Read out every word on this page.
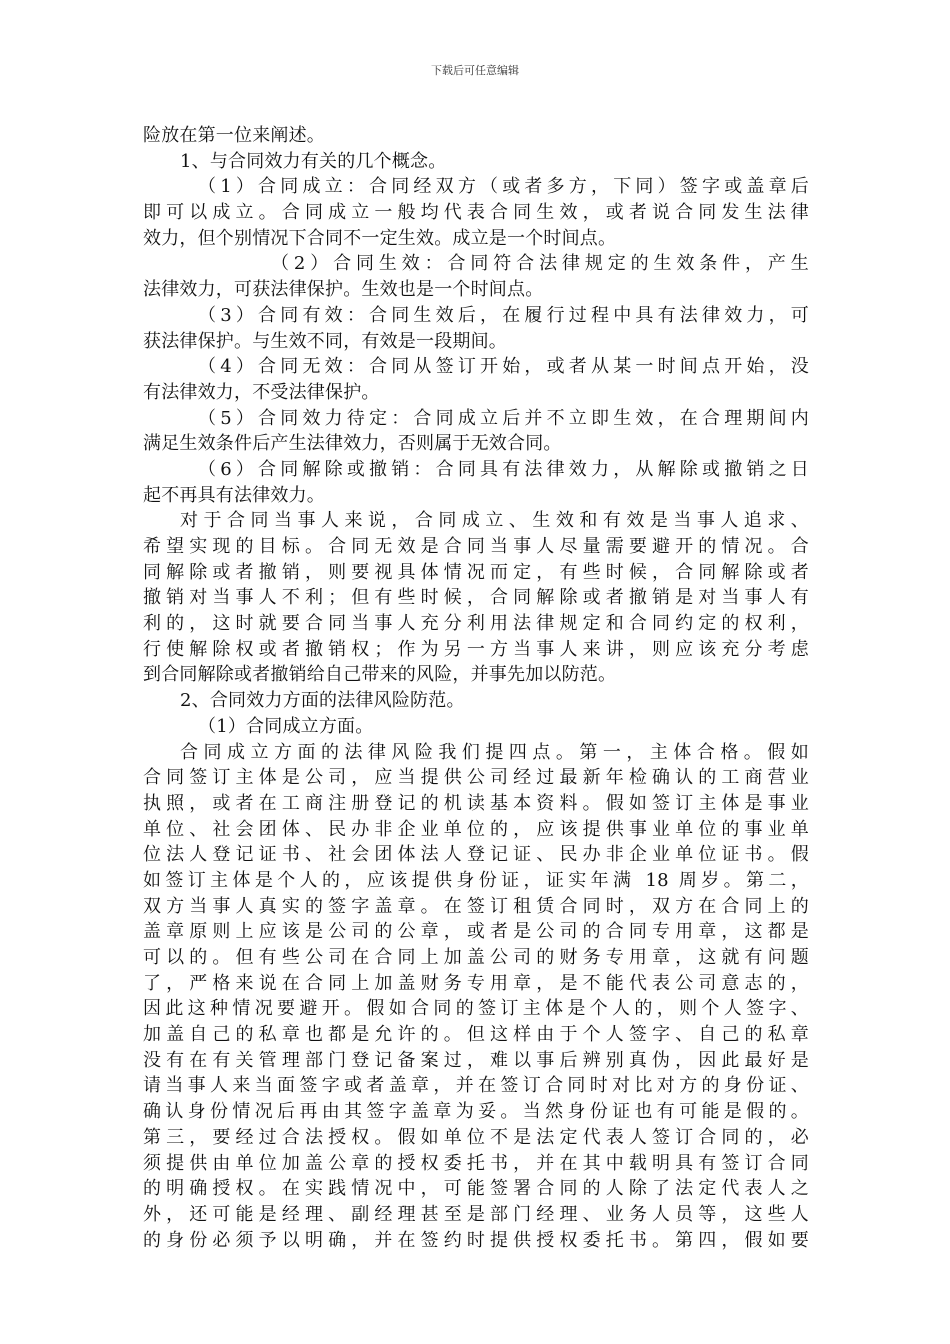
下载后可任意编辑
险放在第一位来阐述。
1、与合同效力有关的几个概念。
（1）合同成立：合同经双方（或者多方，下同）签字或盖章后
即可以成立。合同成立一般均代表合同生效，或者说合同发生法律
效力，但个别情况下合同不一定生效。成立是一个时间点。
（2）合同生效：合同符合法律规定的生效条件，产生
法律效力，可获法律保护。生效也是一个时间点。
（3）合同有效：合同生效后，在履行过程中具有法律效力，可
获法律保护。与生效不同，有效是一段期间。
（4）合同无效：合同从签订开始，或者从某一时间点开始，没
有法律效力，不受法律保护。
（5）合同效力待定：合同成立后并不立即生效，在合理期间内
满足生效条件后产生法律效力，否则属于无效合同。
（6）合同解除或撤销：合同具有法律效力，从解除或撤销之日
起不再具有法律效力。
对于合同当事人来说，合同成立、生效和有效是当事人追求、
希望实现的目标。合同无效是合同当事人尽量需要避开的情况。合
同解除或者撤销，则要视具体情况而定，有些时候，合同解除或者
撤销对当事人不利；但有些时候，合同解除或者撤销是对当事人有
利的，这时就要合同当事人充分利用法律规定和合同约定的权利，
行使解除权或者撤销权；作为另一方当事人来讲，则应该充分考虑
到合同解除或者撤销给自己带来的风险，并事先加以防范。
2、合同效力方面的法律风险防范。
（1）合同成立方面。
合同成立方面的法律风险我们提四点。第一，主体合格。假如
合同签订主体是公司，应当提供公司经过最新年检确认的工商营业
执照，或者在工商注册登记的机读基本资料。假如签订主体是事业
单位、社会团体、民办非企业单位的，应该提供事业单位的事业单
位法人登记证书、社会团体法人登记证、民办非企业单位证书。假
如签订主体是个人的，应该提供身份证，证实年满 18 周岁。第二，
双方当事人真实的签字盖章。在签订租赁合同时，双方在合同上的
盖章原则上应该是公司的公章，或者是公司的合同专用章，这都是
可以的。但有些公司在合同上加盖公司的财务专用章，这就有问题
了，严格来说在合同上加盖财务专用章，是不能代表公司意志的，
因此这种情况要避开。假如合同的签订主体是个人的，则个人签字、
加盖自己的私章也都是允许的。但这样由于个人签字、自己的私章
没有在有关管理部门登记备案过，难以事后辨别真伪，因此最好是
请当事人来当面签字或者盖章，并在签订合同时对比对方的身份证、
确认身份情况后再由其签字盖章为妥。当然身份证也有可能是假的。
第三，要经过合法授权。假如单位不是法定代表人签订合同的，必
须提供由单位加盖公章的授权委托书，并在其中载明具有签订合同
的明确授权。在实践情况中，可能签署合同的人除了法定代表人之
外，还可能是经理、副经理甚至是部门经理、业务人员等，这些人
的身份必须予以明确，并在签约时提供授权委托书。第四，假如要
